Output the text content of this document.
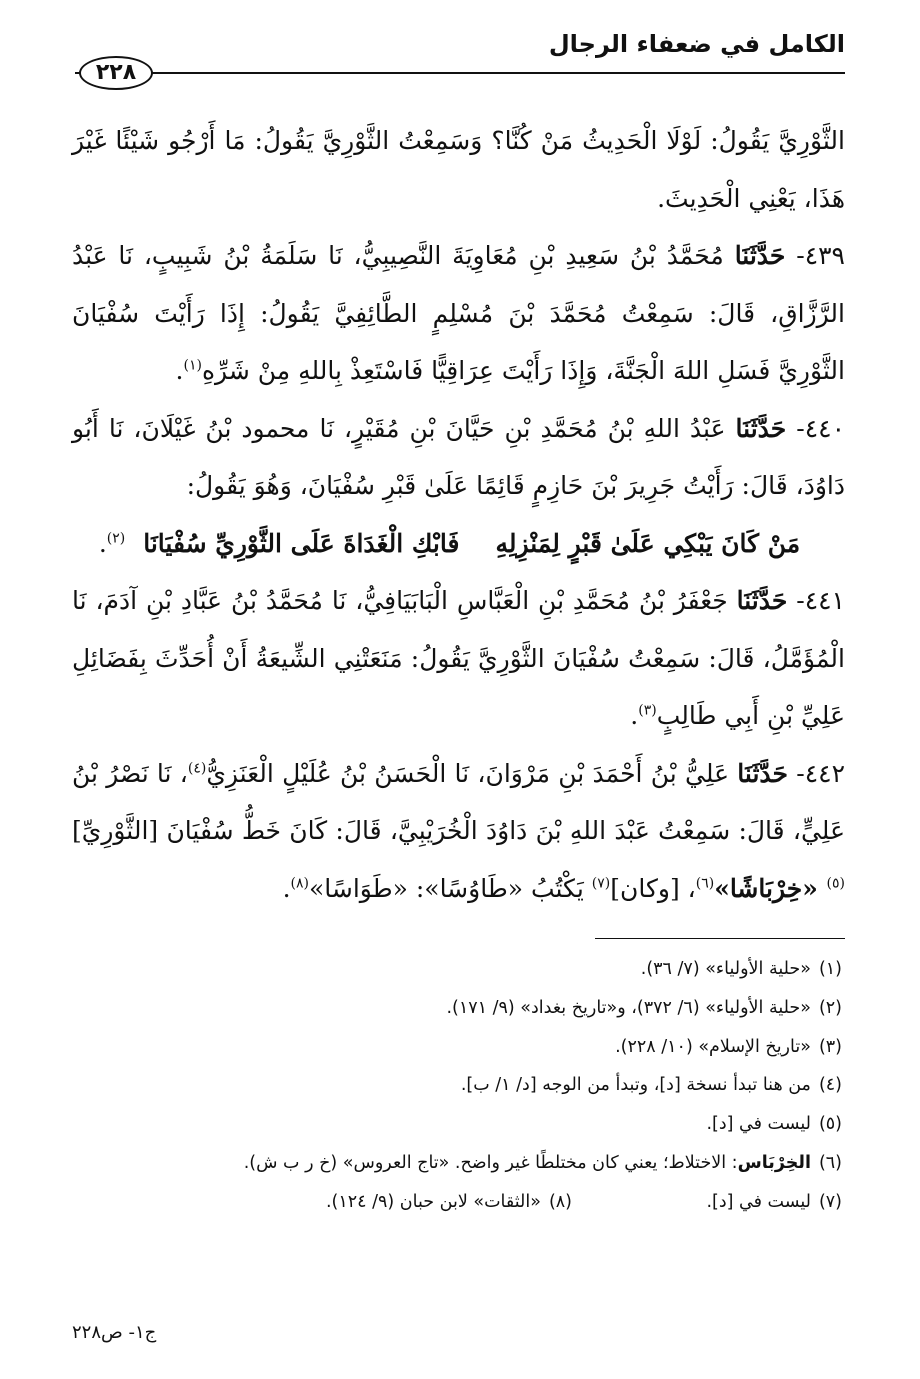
الكامل في ضعفاء الرجال
٢٢٨

الثَّوْرِيَّ يَقُولُ: لَوْلَا الْحَدِيثُ مَنْ كُنَّا؟ وَسَمِعْتُ الثَّوْرِيَّ يَقُولُ: مَا أَرْجُو شَيْئًا غَيْرَ هَذَا، يَعْنِي الْحَدِيثَ.

٤٣٩- حَدَّثَنَا مُحَمَّدُ بْنُ سَعِيدِ بْنِ مُعَاوِيَةَ النَّصِيبِيُّ، نَا سَلَمَةُ بْنُ شَبِيبٍ، نَا عَبْدُ الرَّزَّاقِ، قَالَ: سَمِعْتُ مُحَمَّدَ بْنَ مُسْلِمٍ الطَّائِفِيَّ يَقُولُ: إِذَا رَأَيْتَ سُفْيَانَ الثَّوْرِيَّ فَسَلِ اللهَ الْجَنَّةَ، وَإِذَا رَأَيْتَ عِرَاقِيًّا فَاسْتَعِذْ بِاللهِ مِنْ شَرِّهِ$^{(١)}$.

٤٤٠- حَدَّثَنَا عَبْدُ اللهِ بْنُ مُحَمَّدِ بْنِ حَيَّانَ بْنِ مُقَيْرٍ، نَا محمود بْنُ غَيْلَانَ، نَا أَبُو دَاوُدَ، قَالَ: رَأَيْتُ جَرِيرَ بْنَ حَازِمٍ قَائِمًا عَلَىٰ قَبْرِ سُفْيَانَ، وَهُوَ يَقُولُ:

مَنْ كَانَ يَبْكِي عَلَىٰ قَبْرٍ لِمَنْزِلِهِفَابْكِ الْغَدَاةَ عَلَى الثَّوْرِيِّ سُفْيَانَا$^{(٢)}$.

٤٤١- حَدَّثَنَا جَعْفَرُ بْنُ مُحَمَّدِ بْنِ الْعَبَّاسِ الْبَابَيَافِيُّ، نَا مُحَمَّدُ بْنُ عَبَّادِ بْنِ آدَمَ، نَا الْمُؤَمَّلُ، قَالَ: سَمِعْتُ سُفْيَانَ الثَّوْرِيَّ يَقُولُ: مَنَعَتْنِي الشِّيعَةُ أَنْ أُحَدِّثَ بِفَضَائِلِ عَلِيِّ بْنِ أَبِي طَالِبٍ$^{(٣)}$.

٤٤٢- حَدَّثَنَا عَلِيُّ بْنُ أَحْمَدَ بْنِ مَرْوَانَ، نَا الْحَسَنُ بْنُ عُلَيْلٍ الْعَنَزِيُّ$^{(٤)}$، نَا نَصْرُ بْنُ عَلِيٍّ، قَالَ: سَمِعْتُ عَبْدَ اللهِ بْنَ دَاوُدَ الْخُرَيْبِيَّ، قَالَ: كَانَ خَطُّ سُفْيَانَ [الثَّوْرِيِّ]$^{(٥)}$ «خِرْبَاشًا»$^{(٦)}$، [وكان]$^{(٧)}$ يَكْتُبُ «طَاوُسًا»: «طَوَاسًا»$^{(٨)}$.

(١)«حلية الأولياء» (٧/ ٣٦).
(٢)«حلية الأولياء» (٦/ ٣٧٢)، و«تاريخ بغداد» (٩/ ١٧١).
(٣)«تاريخ الإسلام» (١٠/ ٢٢٨).
(٤)من هنا تبدأ نسخة [د]، وتبدأ من الوجه [د/ ١/ ب].
(٥)ليست في [د].
(٦)الخِرْبَاس: الاختلاط؛ يعني كان مختلطًا غير واضح. «تاج العروس» (خ ر ب ش).
(٧)ليست في [د].
(٨)«الثقات» لابن حبان (٩/ ١٢٤).
ج١- ص٢٢٨
